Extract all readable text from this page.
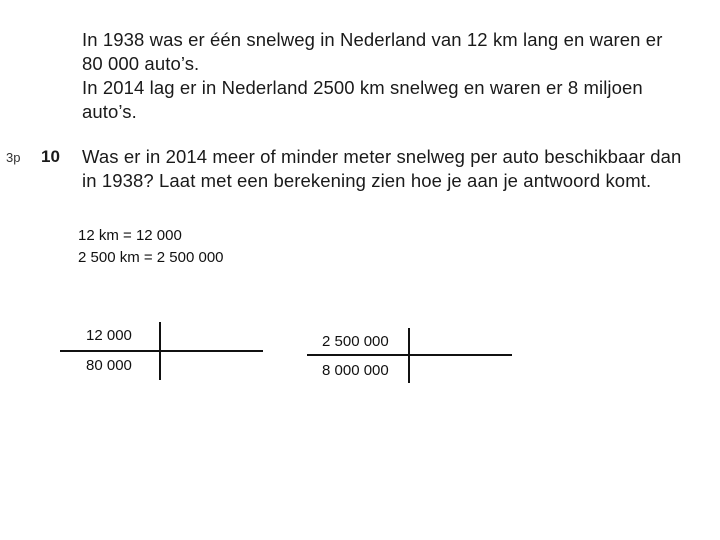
In 1938 was er één snelweg in Nederland van 12 km lang en waren er
80 000 auto’s.
In 2014 lag er in Nederland 2500 km snelweg en waren er 8 miljoen
auto’s.
3p 10 Was er in 2014 meer of minder meter snelweg per auto beschikbaar dan
in 1938? Laat met een berekening zien hoe je aan je antwoord komt.
12 km = 12 000
2 500 km = 2 500 000
12 000
80 000
2 500 000
8 000 000
